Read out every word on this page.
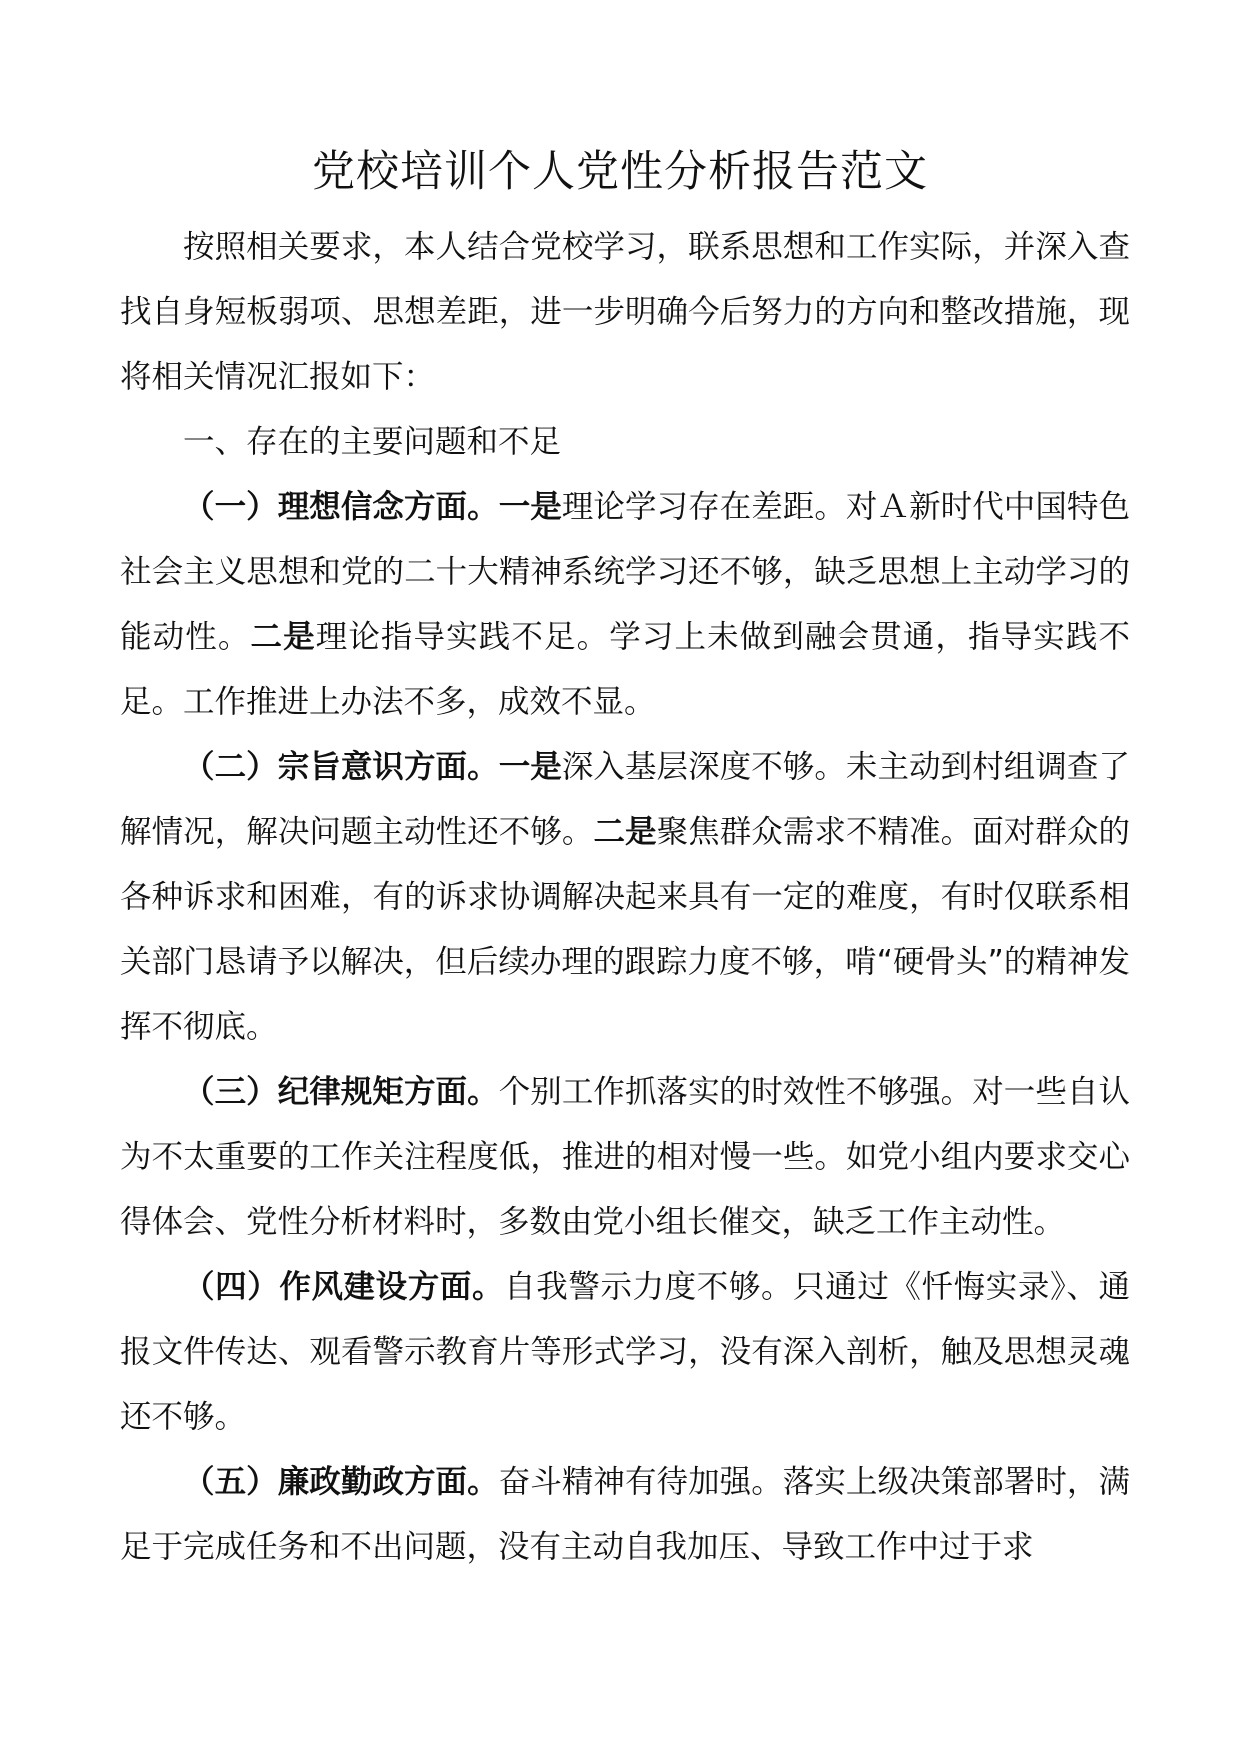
党校培训个人党性分析报告范文

按照相关要求，本人结合党校学习，联系思想和工作实际，并深入查找自身短板弱项、思想差距，进一步明确今后努力的方向和整改措施，现将相关情况汇报如下：

一、存在的主要问题和不足

（一）理想信念方面。一是理论学习存在差距。对Ａ新时代中国特色社会主义思想和党的二十大精神系统学习还不够，缺乏思想上主动学习的能动性。二是理论指导实践不足。学习上未做到融会贯通，指导实践不足。工作推进上办法不多，成效不显。

（二）宗旨意识方面。一是深入基层深度不够。未主动到村组调查了解情况，解决问题主动性还不够。二是聚焦群众需求不精准。面对群众的各种诉求和困难，有的诉求协调解决起来具有一定的难度，有时仅联系相关部门恳请予以解决，但后续办理的跟踪力度不够，啃“硬骨头”的精神发挥不彻底。

（三）纪律规矩方面。个别工作抓落实的时效性不够强。对一些自认为不太重要的工作关注程度低，推进的相对慢一些。如党小组内要求交心得体会、党性分析材料时，多数由党小组长催交，缺乏工作主动性。

（四）作风建设方面。自我警示力度不够。只通过《忏悔实录》、通报文件传达、观看警示教育片等形式学习，没有深入剖析，触及思想灵魂还不够。

（五）廉政勤政方面。奋斗精神有待加强。落实上级决策部署时，满足于完成任务和不出问题，没有主动自我加压、导致工作中过于求
